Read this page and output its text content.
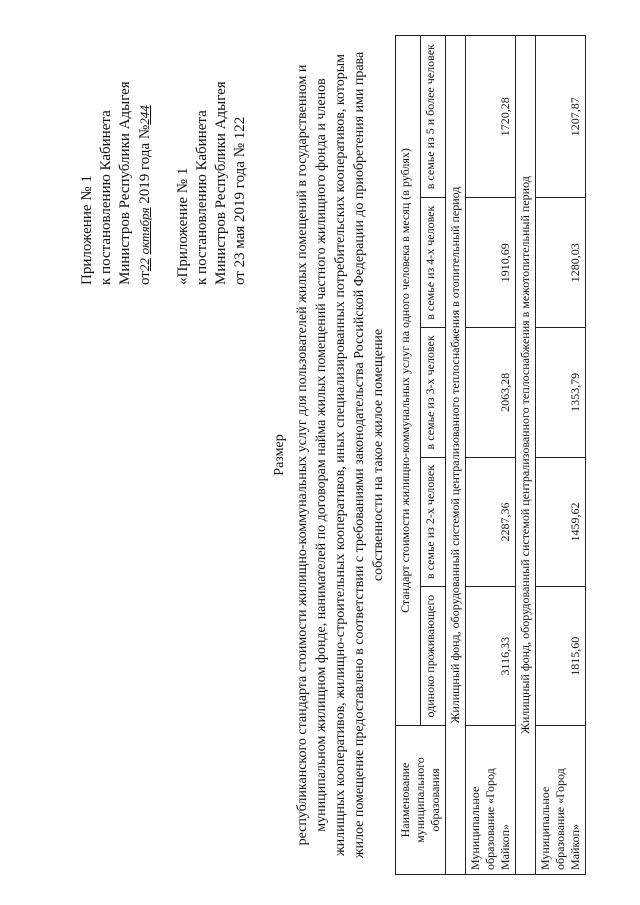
Приложение № 1 к постановлению Кабинета Министров Республики Адыгея от22 октября 2019 года №244
«Приложение № 1 к постановлению Кабинета Министров Республики Адыгея от 23 мая 2019 года № 122
Размер республиканского стандарта стоимости жилищно-коммунальных услуг для пользователей жилых помещений в государственном и муниципальном жилищном фонде, нанимателей по договорам найма жилых помещений частного жилищного фонда и членов жилищных кооперативов, жилищно-строительных кооперативов, иных специализированных потребительских кооперативов, которым жилое помещение предоставлено в соответствии с требованиями законодательства Российской Федерации до приобретения ими права собственности на такое жилое помещение
Наименование муниципального образования	Стандарт стоимости жилищно-коммунальных услуг на одного человека в месяц (в рублях)				
	одиноко проживающего	в семье из 2-х человек	в семье из 3-х человек	в семье из 4-х человек	в семье из 5 и более человек
Жилищный фонд, оборудованный системой централизованного теплоснабжения в отопительный период					
Муниципальное образование «Город Майкоп»	3116,33	2287,36	2063,28	1910,69	1720,28
Жилищный фонд, оборудованный системой централизованного теплоснабжения в межотопительный период					
Муниципальное образование «Город Майкоп»	1815,60	1459,62	1353,79	1280,03	1207,87
